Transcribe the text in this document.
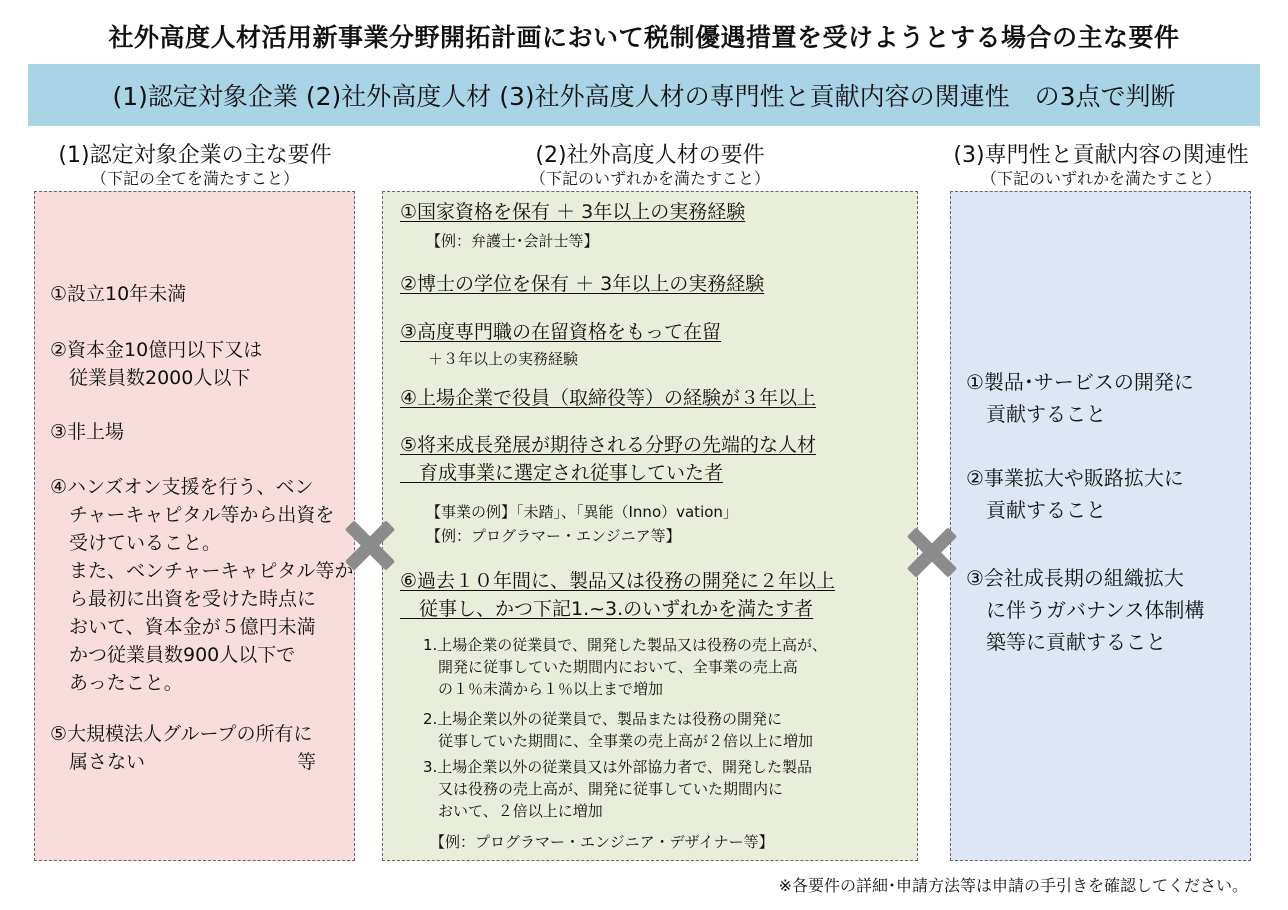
社外高度人材活用新事業分野開拓計画において税制優遇措置を受けようとする場合の主な要件
(1)認定対象企業 (2)社外高度人材 (3)社外高度人材の専門性と貢献内容の関連性　の3点で判断
(1)認定対象企業の主な要件
（下記の全てを満たすこと）
(2)社外高度人材の要件
（下記のいずれかを満たすこと）
(3)専門性と貢献内容の関連性
（下記のいずれかを満たすこと）
①設立10年未満
②資本金10億円以下又は
　従業員数2000人以下
③非上場
④ハンズオン支援を行う、ベン
　チャーキャピタル等から出資を
　受けていること。
　また、ベンチャーキャピタル等か
　ら最初に出資を受けた時点に
　おいて、資本金が５億円未満
　かつ従業員数900人以下で
　あったこと。
⑤大規模法人グループの所有に
　属さない　　　　　　　　等
①国家資格を保有 ＋ 3年以上の実務経験
【例：弁護士･会計士等】
②博士の学位を保有 ＋ 3年以上の実務経験
③高度専門職の在留資格をもって在留
＋３年以上の実務経験
④上場企業で役員（取締役等）の経験が３年以上
⑤将来成長発展が期待される分野の先端的な人材
　育成事業に選定され従事していた者
【事業の例】｢未踏｣、｢異能（Inno）vation｣
【例：プログラマー・エンジニア等】
⑥過去１０年間に、製品又は役務の開発に２年以上
　従事し、かつ下記1.~3.のいずれかを満たす者
1.上場企業の従業員で、開発した製品又は役務の売上高が、
　開発に従事していた期間内において、全事業の売上高
　の１％未満から１％以上まで増加
2.上場企業以外の従業員で、製品または役務の開発に
　従事していた期間に、全事業の売上高が２倍以上に増加
3.上場企業以外の従業員又は外部協力者で、開発した製品
　又は役務の売上高が、開発に従事していた期間内に
　おいて、２倍以上に増加
【例：プログラマー・エンジニア・デザイナー等】
①製品･サービスの開発に
　貢献すること
②事業拡大や販路拡大に
　貢献すること
③会社成長期の組織拡大
　に伴うガバナンス体制構
　築等に貢献すること
※各要件の詳細･申請方法等は申請の手引きを確認してください。
